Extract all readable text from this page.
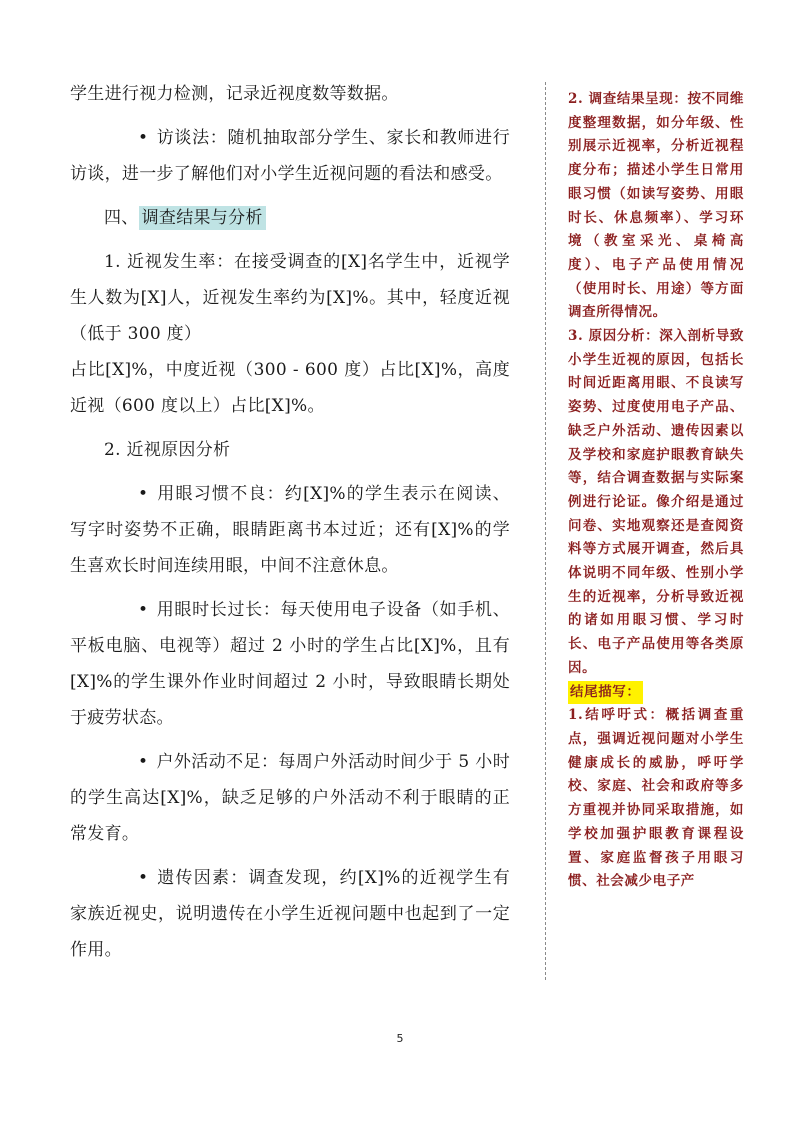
学生进行视力检测，记录近视度数等数据。

• 访谈法：随机抽取部分学生、家长和教师进行访谈，进一步了解他们对小学生近视问题的看法和感受。

四、 调查结果与分析

1. 近视发生率：在接受调查的[X]名学生中，近视学生人数为[X]人，近视发生率约为[X]%。其中，轻度近视（低于 300 度）

占比[X]%，中度近视（300 - 600 度）占比[X]%，高度近视（600 度以上）占比[X]%。

2. 近视原因分析

• 用眼习惯不良：约[X]%的学生表示在阅读、写字时姿势不正确，眼睛距离书本过近；还有[X]%的学生喜欢长时间连续用眼，中间不注意休息。

• 用眼时长过长：每天使用电子设备（如手机、平板电脑、电视等）超过 2 小时的学生占比[X]%，且有[X]%的学生课外作业时间超过 2 小时，导致眼睛长期处于疲劳状态。

• 户外活动不足：每周户外活动时间少于 5 小时的学生高达[X]%，缺乏足够的户外活动不利于眼睛的正常发育。

• 遗传因素：调查发现，约[X]%的近视学生有家族近视史，说明遗传在小学生近视问题中也起到了一定作用。

2. 调查结果呈现：按不同维度整理数据，如分年级、性别展示近视率，分析近视程度分布；描述小学生日常用眼习惯（如读写姿势、用眼时长、休息频率）、学习环境（教室采光、桌椅高度）、电子产品使用情况（使用时长、用途）等方面调查所得情况。

3. 原因分析：深入剖析导致小学生近视的原因，包括长时间近距离用眼、不良读写姿势、过度使用电子产品、缺乏户外活动、遗传因素以及学校和家庭护眼教育缺失等，结合调查数据与实际案例进行论证。像介绍是通过问卷、实地观察还是查阅资料等方式展开调查，然后具体说明不同年级、性别小学生的近视率，分析导致近视的诸如用眼习惯、学习时长、电子产品使用等各类原因。

结尾描写：

1.结呼吁式：概括调查重点，强调近视问题对小学生健康成长的威胁，呼吁学校、家庭、社会和政府等多方重视并协同采取措施，如学校加强护眼教育课程设置、家庭监督孩子用眼习惯、社会减少电子产

5
